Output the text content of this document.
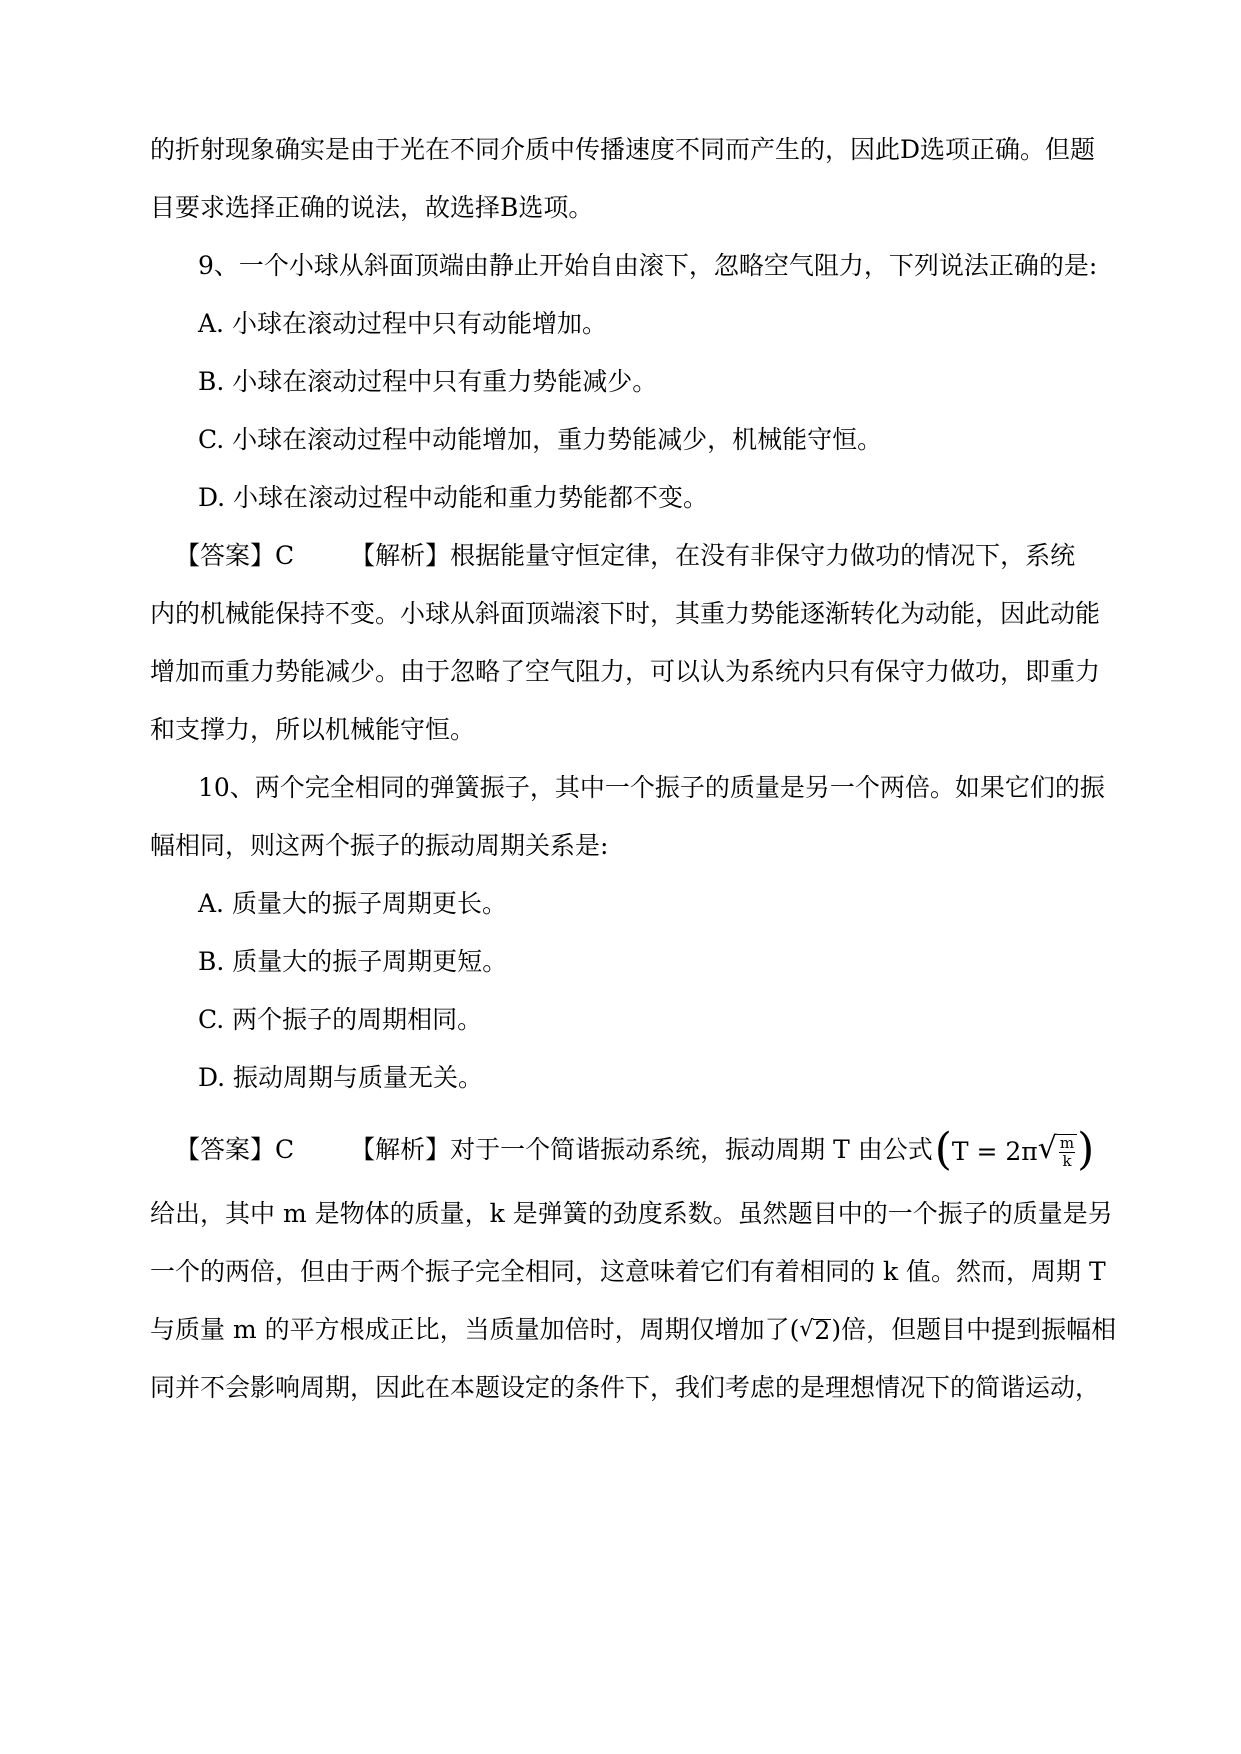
的折射现象确实是由于光在不同介质中传播速度不同而产生的，因此D选项正确。但题

目要求选择正确的说法，故选择B选项。

9、一个小球从斜面顶端由静止开始自由滚下，忽略空气阻力，下列说法正确的是:

A. 小球在滚动过程中只有动能增加。

B. 小球在滚动过程中只有重力势能减少。

C. 小球在滚动过程中动能增加，重力势能减少，机械能守恒。

D. 小球在滚动过程中动能和重力势能都不变。

【答案】C 【解析】根据能量守恒定律，在没有非保守力做功的情况下，系统

内的机械能保持不变。小球从斜面顶端滚下时，其重力势能逐渐转化为动能，因此动能

增加而重力势能减少。由于忽略了空气阻力，可以认为系统内只有保守力做功，即重力

和支撑力，所以机械能守恒。

10、两个完全相同的弹簧振子，其中一个振子的质量是另一个两倍。如果它们的振

幅相同，则这两个振子的振动周期关系是:

A. 质量大的振子周期更长。

B. 质量大的振子周期更短。

C. 两个振子的周期相同。

D. 振动周期与质量无关。

【答案】C 【解析】对于一个简谐振动系统，振动周期 T 由公式 ( T = 2π √ $\frac{m}{k}$ )

给出，其中 m 是物体的质量，k 是弹簧的劲度系数。虽然题目中的一个振子的质量是另

一个的两倍，但由于两个振子完全相同，这意味着它们有着相同的 k 值。然而，周期 T

与质量 m 的平方根成正比，当质量加倍时，周期仅增加了( √ 2 )倍，但题目中提到振幅相

同并不会影响周期，因此在本题设定的条件下，我们考虑的是理想情况下的简谐运动，
